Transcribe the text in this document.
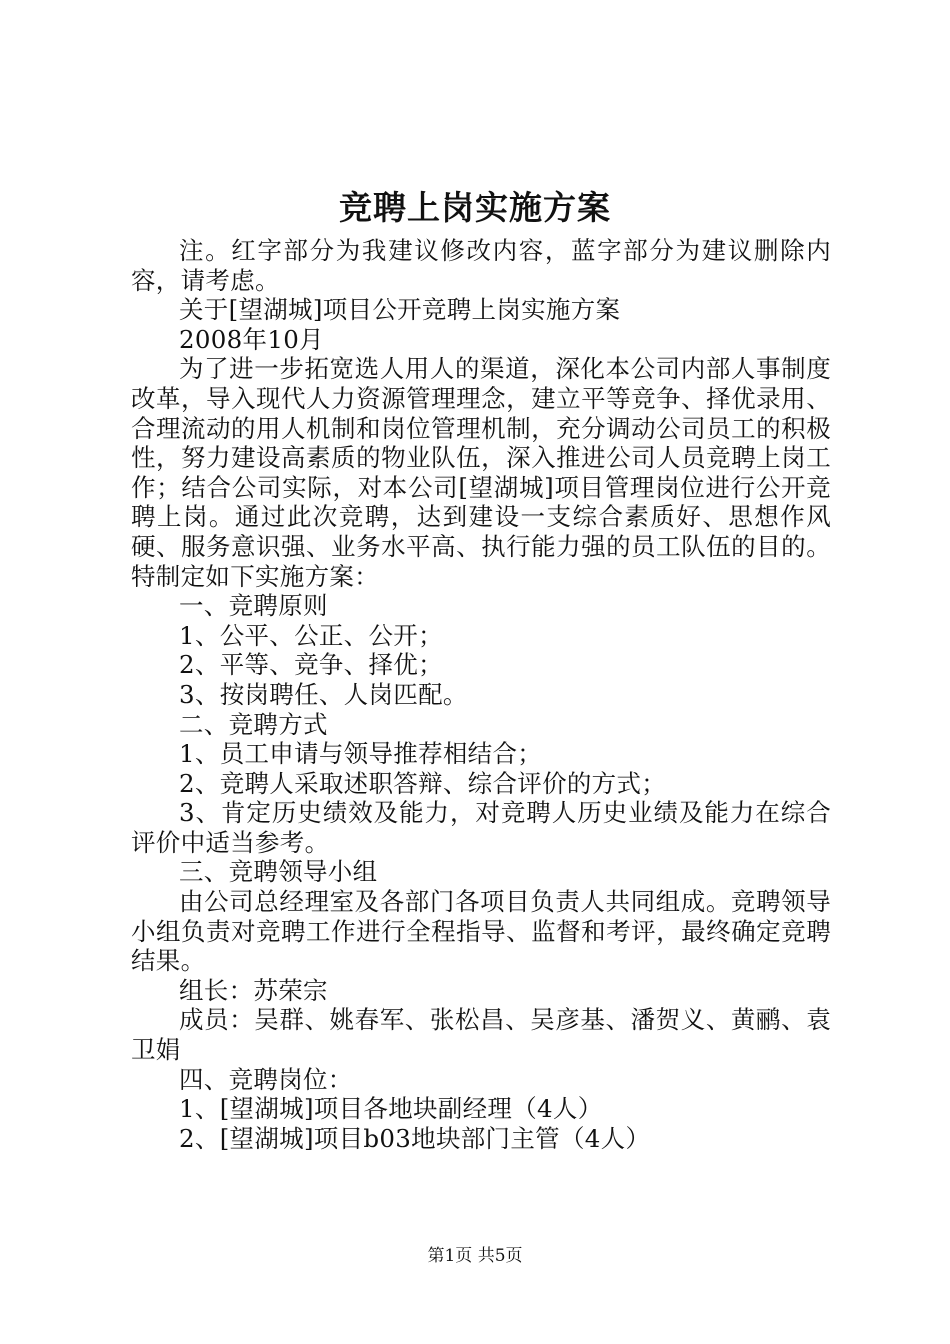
竞聘上岗实施方案

注。红字部分为我建议修改内容，蓝字部分为建议删除内容，请考虑。

关于[望湖城]项目公开竞聘上岗实施方案

2008年10月

为了进一步拓宽选人用人的渠道，深化本公司内部人事制度改革，导入现代人力资源管理理念，建立平等竞争、择优录用、合理流动的用人机制和岗位管理机制，充分调动公司员工的积极性，努力建设高素质的物业队伍，深入推进公司人员竞聘上岗工作；结合公司实际，对本公司[望湖城]项目管理岗位进行公开竞聘上岗。通过此次竞聘，达到建设一支综合素质好、思想作风硬、服务意识强、业务水平高、执行能力强的员工队伍的目的。特制定如下实施方案：

一、竞聘原则

1、公平、公正、公开；

2、平等、竞争、择优；

3、按岗聘任、人岗匹配。

二、竞聘方式

1、员工申请与领导推荐相结合；

2、竞聘人采取述职答辩、综合评价的方式；

3、肯定历史绩效及能力，对竞聘人历史业绩及能力在综合评价中适当参考。

三、竞聘领导小组

由公司总经理室及各部门各项目负责人共同组成。竞聘领导小组负责对竞聘工作进行全程指导、监督和考评，最终确定竞聘结果。

组长：苏荣宗

成员：吴群、姚春军、张松昌、吴彦基、潘贺义、黄鹂、袁卫娟

四、竞聘岗位：

1、[望湖城]项目各地块副经理（4人）

2、[望湖城]项目b03地块部门主管（4人）

第1页 共5页
